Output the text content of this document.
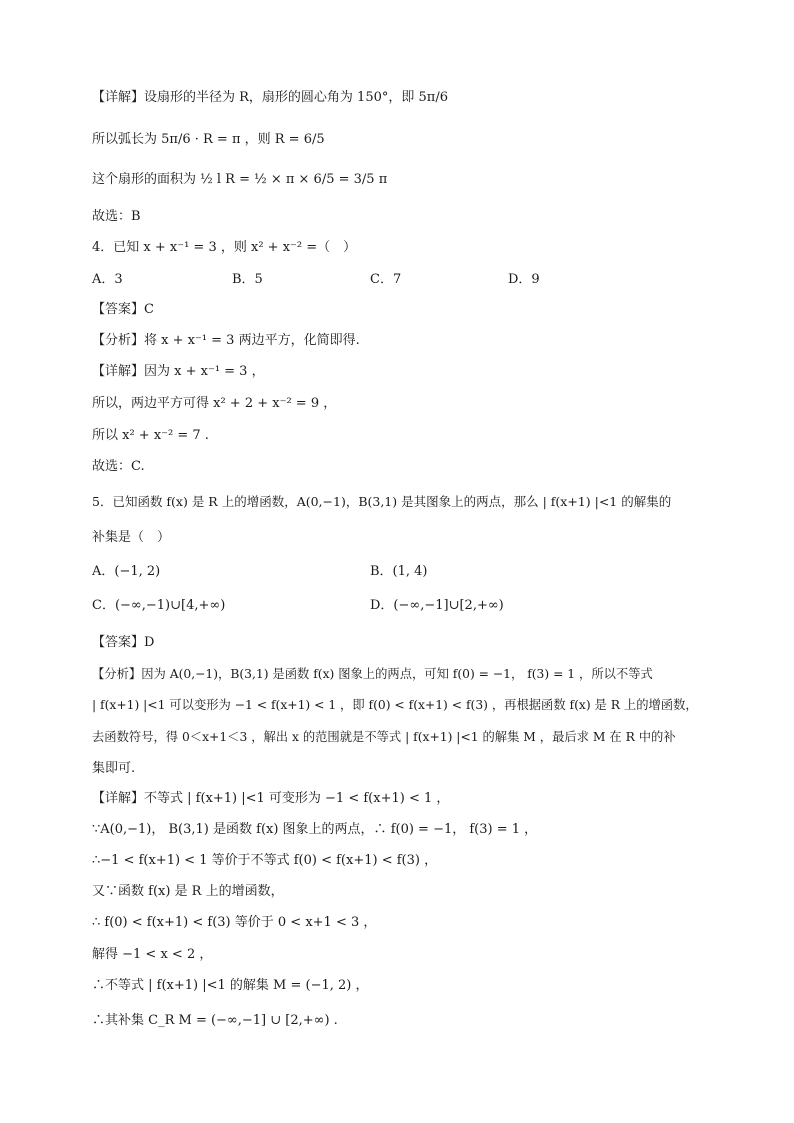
【详解】设扇形的半径为 R，扇形的圆心角为 150°，即 5π/6
所以弧长为 5π/6 · R = π ，则 R = 6/5
这个扇形的面积为 ½ l R = ½ × π × 6/5 = 3/5 π
故选：B
4．已知 x + x⁻¹ = 3 ，则 x² + x⁻² =（　）
A．3	B．5	C．7	D．9
【答案】C
【分析】将 x + x⁻¹ = 3 两边平方，化简即得.
【详解】因为 x + x⁻¹ = 3 ，
所以，两边平方可得 x² + 2 + x⁻² = 9 ，
所以 x² + x⁻² = 7 .
故选：C.
5．已知函数 f(x) 是 R 上的增函数，A(0,−1)，B(3,1) 是其图象上的两点，那么 | f(x+1) |<1 的解集的
补集是（　）
A．(−1, 2)	B．(1, 4)
C．(−∞,−1)∪[4,+∞)	D．(−∞,−1]∪[2,+∞)
【答案】D
【分析】因为 A(0,−1)，B(3,1) 是函数 f(x) 图象上的两点，可知 f(0) = −1， f(3) = 1 ，所以不等式
| f(x+1) |<1 可以变形为 −1 < f(x+1) < 1 ，即 f(0) < f(x+1) < f(3) ，再根据函数 f(x) 是 R 上的增函数，
去函数符号，得 0＜x+1＜3 ，解出 x 的范围就是不等式 | f(x+1) |<1 的解集 M ，最后求 M 在 R 中的补
集即可.
【详解】不等式 | f(x+1) |<1 可变形为 −1 < f(x+1) < 1 ，
∵A(0,−1)， B(3,1) 是函数 f(x) 图象上的两点，∴ f(0) = −1， f(3) = 1 ，
∴−1 < f(x+1) < 1 等价于不等式 f(0) < f(x+1) < f(3) ，
又∵函数 f(x) 是 R 上的增函数，
∴ f(0) < f(x+1) < f(3) 等价于 0 < x+1 < 3 ，
解得 −1 < x < 2 ，
∴不等式 | f(x+1) |<1 的解集 M = (−1, 2) ，
∴其补集 C_R M = (−∞,−1] ∪ [2,+∞) .
